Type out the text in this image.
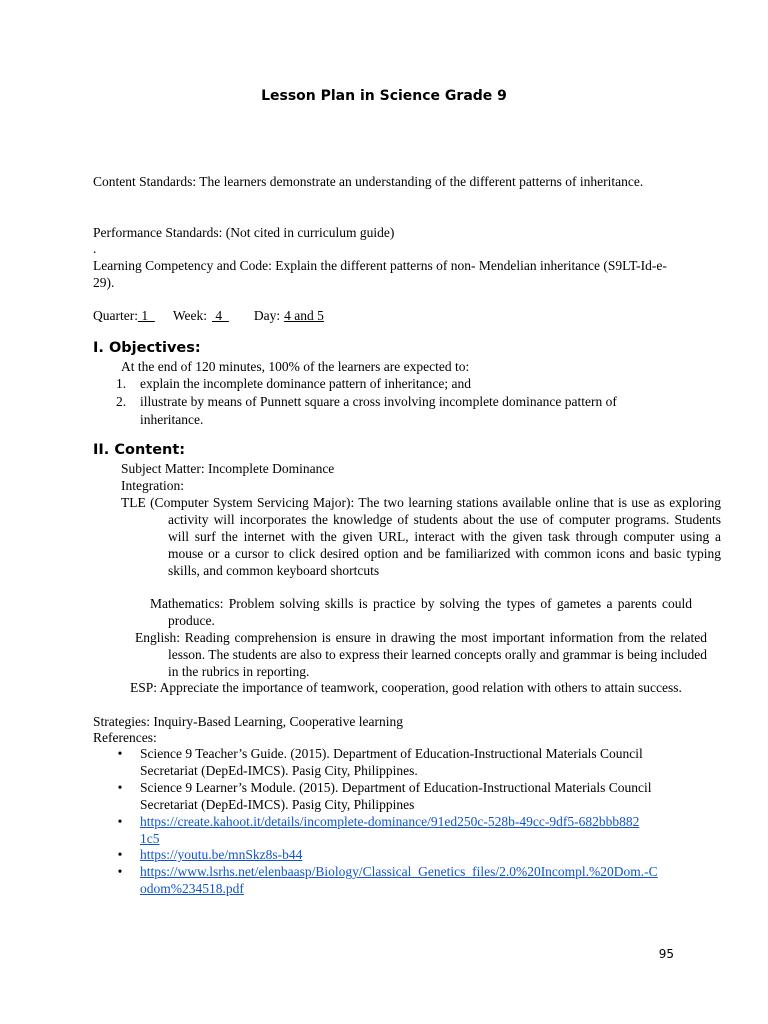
Lesson Plan in Science Grade 9
Content Standards: The learners demonstrate an understanding of the different patterns of inheritance.
Performance Standards: (Not cited in curriculum guide)
.
Learning Competency and Code: Explain the different patterns of non- Mendelian inheritance (S9LT-Id-e-29).
Quarter: 1  Week: 4  Day: 4 and 5
I. Objectives:
At the end of 120 minutes, 100% of the learners are expected to:
1. explain the incomplete dominance pattern of inheritance; and
2. illustrate by means of Punnett square a cross involving incomplete dominance pattern of inheritance.
II. Content:
Subject Matter: Incomplete Dominance
Integration:
TLE (Computer System Servicing Major): The two learning stations available online that is use as exploring activity will incorporates the knowledge of students about the use of computer programs. Students will surf the internet with the given URL, interact with the given task through computer using a mouse or a cursor to click desired option and be familiarized with common icons and basic typing skills, and common keyboard shortcuts
Mathematics: Problem solving skills is practice by solving the types of gametes a parents could produce.
English: Reading comprehension is ensure in drawing the most important information from the related lesson. The students are also to express their learned concepts orally and grammar is being included in the rubrics in reporting.
ESP: Appreciate the importance of teamwork, cooperation, good relation with others to attain success.
Strategies: Inquiry-Based Learning, Cooperative learning
References:
• Science 9 Teacher’s Guide. (2015). Department of Education-Instructional Materials Council Secretariat (DepEd-IMCS). Pasig City, Philippines.
• Science 9 Learner’s Module. (2015). Department of Education-Instructional Materials Council Secretariat (DepEd-IMCS). Pasig City, Philippines
• https://create.kahoot.it/details/incomplete-dominance/91ed250c-528b-49cc-9df5-682bbb8821c5
• https://youtu.be/mnSkz8s-b44
• https://www.lsrhs.net/elenbaasp/Biology/Classical_Genetics_files/2.0%20Incompl.%20Dom.-Codom%234518.pdf
95
